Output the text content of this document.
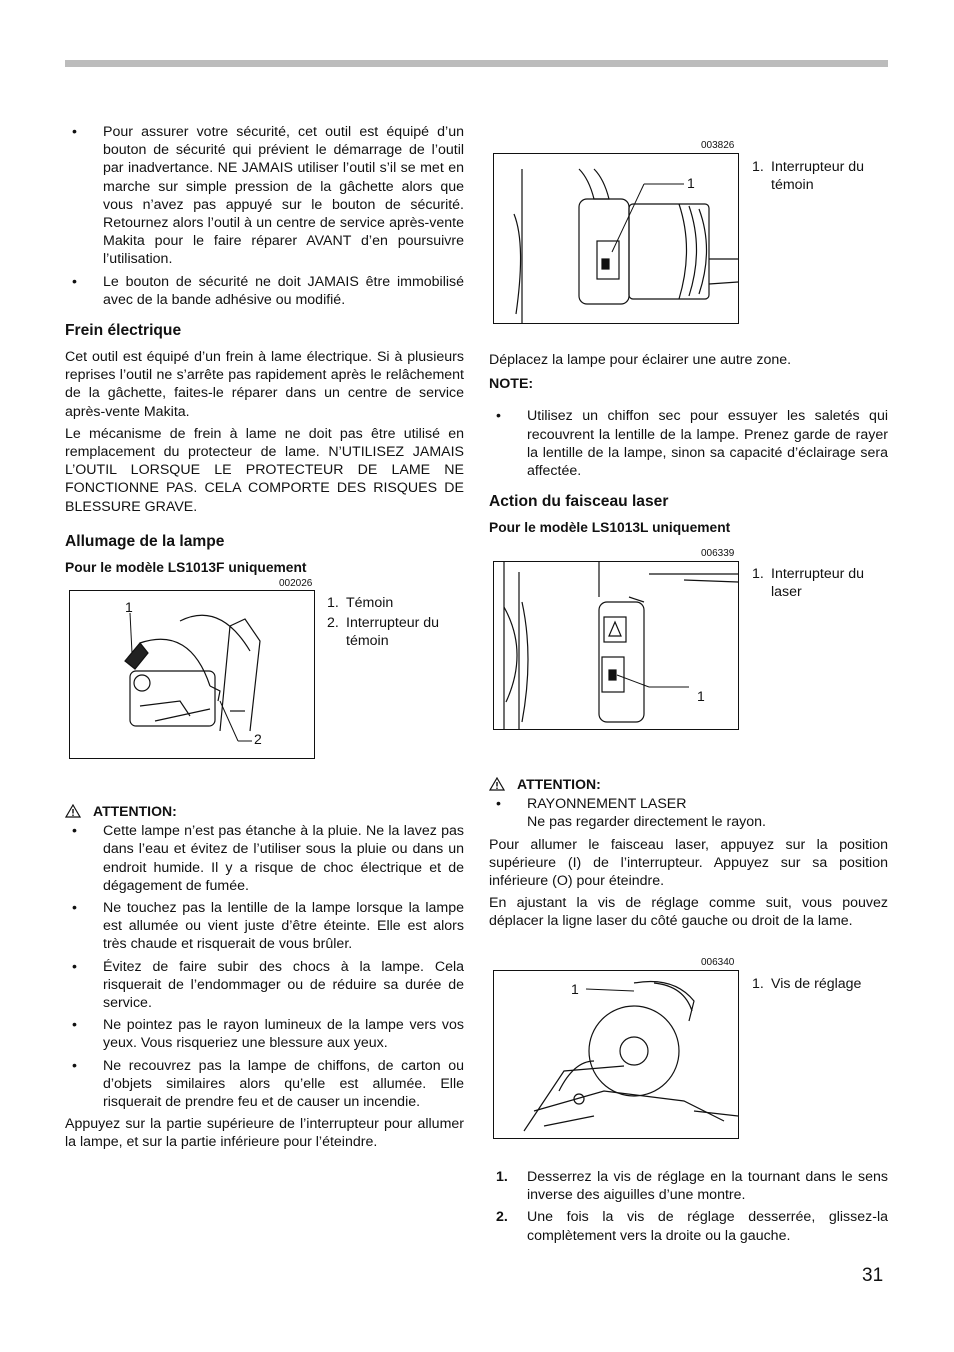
• Pour assurer votre sécurité, cet outil est équipé d’un bouton de sécurité qui prévient le démarrage de l’outil par inadvertance. NE JAMAIS utiliser l’outil s’il se met en marche sur simple pression de la gâchette alors que vous n’avez pas appuyé sur le bouton de sécurité. Retournez alors l’outil à un centre de service après-vente Makita pour le faire réparer AVANT d’en poursuivre l’utilisation.
• Le bouton de sécurité ne doit JAMAIS être immobilisé avec de la bande adhésive ou modifié.
Frein électrique

Cet outil est équipé d’un frein à lame électrique. Si à plusieurs reprises l’outil ne s’arrête pas rapidement après le relâchement de la gâchette, faites-le réparer dans un centre de service après-vente Makita.

Le mécanisme de frein à lame ne doit pas être utilisé en remplacement du protecteur de lame. N’UTILISEZ JAMAIS L’OUTIL LORSQUE LE PROTECTEUR DE LAME NE FONCTIONNE PAS. CELA COMPORTE DES RISQUES DE BLESSURE GRAVE.

Allumage de la lampe
Pour le modèle LS1013F uniquement
002026
1
2
1. Témoin
2. Interrupteur du témoin
ATTENTION:
• Cette lampe n’est pas étanche à la pluie. Ne la lavez pas dans l’eau et évitez de l’utiliser sous la pluie ou dans un endroit humide. Il y a risque de choc électrique et de dégagement de fumée.
• Ne touchez pas la lentille de la lampe lorsque la lampe est allumée ou vient juste d’être éteinte. Elle est alors très chaude et risquerait de vous brûler.
• Évitez de faire subir des chocs à la lampe. Cela risquerait de l’endommager ou de réduire sa durée de service.
• Ne pointez pas le rayon lumineux de la lampe vers vos yeux. Vous risqueriez une blessure aux yeux.
• Ne recouvrez pas la lampe de chiffons, de carton ou d’objets similaires alors qu’elle est allumée. Elle risquerait de prendre feu et de causer un incendie.

Appuyez sur la partie supérieure de l’interrupteur pour allumer la lampe, et sur la partie inférieure pour l’éteindre.

003826
1
1. Interrupteur du témoin

Déplacez la lampe pour éclairer une autre zone.

NOTE:
• Utilisez un chiffon sec pour essuyer les saletés qui recouvrent la lentille de la lampe. Prenez garde de rayer la lentille de la lampe, sinon sa capacité d’éclairage sera affectée.
Action du faisceau laser
Pour le modèle LS1013L uniquement
006339
1
1. Interrupteur du laser
ATTENTION:
• RAYONNEMENT LASER
Ne pas regarder directement le rayon.

Pour allumer le faisceau laser, appuyez sur la position supérieure (I) de l’interrupteur. Appuyez sur sa position inférieure (O) pour éteindre.

En ajustant la vis de réglage comme suit, vous pouvez déplacer la ligne laser du côté gauche ou droit de la lame.

006340
1	1. Vis de réglage
1. Desserrez la vis de réglage en la tournant dans le sens inverse des aiguilles d’une montre.
2. Une fois la vis de réglage desserrée, glissez-la complètement vers la droite ou la gauche.
31
